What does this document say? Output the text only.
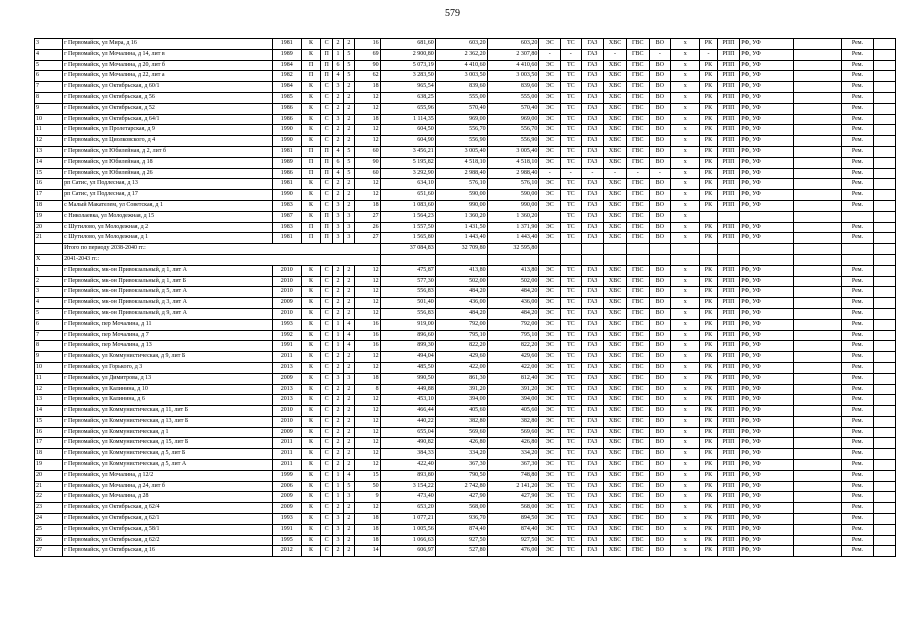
579
3	г Первомайск, ул Мира, д 16	1981	К	С	2	2	16	681,60	603,20	603,20	ЭС	ТС	ГАЗ	ХВС	ГВС	ВО	х	РК	РПП	РФ, УФ		Рем.	
4	г Первомайск, ул Мочалина, д 14, лит в	1989	К	П	1	5	69	2 900,80	2 362,20	2 307,80	-	-	ГАЗ	-	ГВС	-	х	-	РПП	РФ, УФ		Рем.	
5	г Первомайск, ул Мочалина, д 20, лит б	1984	П	П	6	5	90	5 073,19	4 410,60	4 410,60	ЭС	ТС	ГАЗ	ХВС	ГВС	ВО	х	РК	РПП	РФ, УФ		Рем.	
6	г Первомайск, ул Мочалина, д 22, лит а	1982	П	П	4	5	62	3 283,50	3 003,50	3 003,50	ЭС	ТС	ГАЗ	ХВС	ГВС	ВО	х	РК	РПП	РФ, УФ		Рем.	
7	г Первомайск, ул Октябрьская, д 60/1	1984	К	С	3	2	18	965,54	839,60	839,60	ЭС	ТС	ГАЗ	ХВС	ГВС	ВО	х	РК	РПП	РФ, УФ		Рем.	
8	г Первомайск, ул Октябрьская, д 56	1985	К	С	2	2	12	638,25	555,00	555,00	ЭС	ТС	ГАЗ	ХВС	ГВС	ВО	х	РК	РПП	РФ, УФ		Рем.	
9	г Первомайск, ул Октябрьская, д 52	1986	К	С	2	2	12	655,96	570,40	570,40	ЭС	ТС	ГАЗ	ХВС	ГВС	ВО	х	РК	РПП	РФ, УФ		Рем.	
10	г Первомайск, ул Октябрьская, д 64/1	1986	К	С	3	2	18	1 114,35	969,00	969,00	ЭС	ТС	ГАЗ	ХВС	ГВС	ВО	х	РК	РПП	РФ, УФ		Рем.	
11	г Первомайск, ул Пролетарская, д 9	1990	К	С	2	2	12	604,50	556,70	556,70	ЭС	ТС	ГАЗ	ХВС	ГВС	ВО	х	РК	РПП	РФ, УФ		Рем.	
12	г Первомайск, ул Циолковского, д 4	1990	К	С	2	2	12	604,90	556,90	556,90	ЭС	ТС	ГАЗ	ХВС	ГВС	ВО	х	РК	РПП	РФ, УФ		Рем.	
13	г Первомайск, ул Юбилейная, д 2, лит б	1981	П	П	4	5	60	3 456,21	3 005,40	3 005,40	ЭС	ТС	ГАЗ	ХВС	ГВС	ВО	х	РК	РПП	РФ, УФ		Рем.	
14	г Первомайск, ул Юбилейная, д 18	1989	П	П	6	5	90	5 195,82	4 518,10	4 518,10	ЭС	ТС	ГАЗ	ХВС	ГВС	ВО	х	РК	РПП	РФ, УФ		Рем.	
15	г Первомайск, ул Юбилейная, д 26	1986	П	П	4	5	60	3 292,90	2 988,40	2 988,40	-	-	-	-	-	-	х	РК	РПП	РФ, УФ		Рем.	
16	рп Сатис, ул Подлесная, д 13	1981	К	С	2	2	12	634,10	576,10	576,10	ЭС	ТС	ГАЗ	ХВС	ГВС	ВО	х	РК	РПП	РФ, УФ		Рем.	
17	рп Сатис, ул Подлесная, д 17	1990	К	С	2	2	12	651,60	590,00	590,00	ЭС	ТС	ГАЗ	ХВС	ГВС	ВО	х	РК	РПП	РФ, УФ		Рем.	
18	с Малый Макателем, ул Советская, д 1	1983	К	С	3	2	18	1 083,60	990,00	990,00	ЭС	ТС	ГАЗ	ХВС	ГВС	ВО	х	РК	РПП	РФ, УФ		Рем.	
19	с Николаевка, ул Молодежная, д 15	1987	К	П	3	3	27	1 564,23	1 360,20	1 360,20		ТС	ГАЗ	ХВС	ГВС	ВО	х						
20	с Шутилово, ул Молодежная, д 2	1983	П	П	3	3	26	1 557,50	1 431,50	1 371,90	ЭС	ТС	ГАЗ	ХВС	ГВС	ВО	х	РК	РПП	РФ, УФ		Рем.	
21	с Шутилово, ул Молодежная, д 1	1981	П	П	3	3	27	1 565,80	1 443,40	1 443,40	ЭС	ТС	ГАЗ	ХВС	ГВС	ВО	х	РК	РПП	РФ, УФ		Рем.	
	Итого по периоду 2038-2040 гг.:							37 084,83	32 709,80	32 595,80													
X	2041-2043 гг.:																						
1	г Первомайск, мк-он Привокзальный, д 1, лит А	2010	К	С	2	2	12	475,87	413,80	413,80	ЭС	ТС	ГАЗ	ХВС	ГВС	ВО	х	РК	РПП	РФ, УФ		Рем.	
2	г Первомайск, мк-он Привокзальный, д 1, лит Б	2010	К	С	2	2	12	577,30	502,00	502,00	ЭС	ТС	ГАЗ	ХВС	ГВС	ВО	х	РК	РПП	РФ, УФ		Рем.	
3	г Первомайск, мк-он Привокзальный, д 5, лит А	2010	К	С	2	2	12	556,83	484,20	484,20	ЭС	ТС	ГАЗ	ХВС	ГВС	ВО	х	РК	РПП	РФ, УФ		Рем.	
4	г Первомайск, мк-он Привокзальный, д 3, лит А	2009	К	С	2	2	12	501,40	436,00	436,00	ЭС	ТС	ГАЗ	ХВС	ГВС	ВО	х	РК	РПП	РФ, УФ		Рем.	
5	г Первомайск, мк-он Привокзальный, д 9, лит А	2010	К	С	2	2	12	556,83	484,20	484,20	ЭС	ТС	ГАЗ	ХВС	ГВС	ВО	х	РК	РПП	РФ, УФ		Рем.	
6	г Первомайск, пер Мочалина, д 11	1993	К	С	1	4	16	919,00	792,00	792,00	ЭС	ТС	ГАЗ	ХВС	ГВС	ВО	х	РК	РПП	РФ, УФ		Рем.	
7	г Первомайск, пер Мочалина, д 7	1992	К	С	1	4	16	896,60	795,10	795,10	ЭС	ТС	ГАЗ	ХВС	ГВС	ВО	х	РК	РПП	РФ, УФ		Рем.	
8	г Первомайск, пер Мочалина, д 13	1991	К	С	1	4	16	899,30	822,20	822,20	ЭС	ТС	ГАЗ	ХВС	ГВС	ВО	х	РК	РПП	РФ, УФ		Рем.	
9	г Первомайск, ул Коммунистическая, д 9, лит Б	2011	К	С	2	2	12	494,04	429,60	429,60	ЭС	ТС	ГАЗ	ХВС	ГВС	ВО	х	РК	РПП	РФ, УФ		Рем.	
10	г Первомайск, ул Горького, д 3	2013	К	С	2	2	12	485,50	422,00	422,00	ЭС	ТС	ГАЗ	ХВС	ГВС	ВО	х	РК	РПП	РФ, УФ		Рем.	
11	г Первомайск, ул Димитрова, д 13	2009	К	С	3	3	18	990,50	861,30	812,40	ЭС	ТС	ГАЗ	ХВС	ГВС	ВО	х	РК	РПП	РФ, УФ		Рем.	
12	г Первомайск, ул Калинина, д 10	2013	К	С	2	2	8	449,88	391,20	391,20	ЭС	ТС	ГАЗ	ХВС	ГВС	ВО	х	РК	РПП	РФ, УФ		Рем.	
13	г Первомайск, ул Калинина, д 6	2013	К	С	2	2	12	453,10	394,00	394,00	ЭС	ТС	ГАЗ	ХВС	ГВС	ВО	х	РК	РПП	РФ, УФ		Рем.	
14	г Первомайск, ул Коммунистическая, д 11, лит Б	2010	К	С	2	2	12	466,44	405,60	405,60	ЭС	ТС	ГАЗ	ХВС	ГВС	ВО	х	РК	РПП	РФ, УФ		Рем.	
15	г Первомайск, ул Коммунистическая, д 13, лит Б	2010	К	С	2	2	12	440,22	382,80	382,80	ЭС	ТС	ГАЗ	ХВС	ГВС	ВО	х	РК	РПП	РФ, УФ		Рем.	
16	г Первомайск, ул Коммунистическая, д 1	2009	К	С	2	2	12	655,04	569,60	569,60	ЭС	ТС	ГАЗ	ХВС	ГВС	ВО	х	РК	РПП	РФ, УФ		Рем.	
17	г Первомайск, ул Коммунистическая, д 15, лит Б	2011	К	С	2	2	12	490,82	426,80	426,80	ЭС	ТС	ГАЗ	ХВС	ГВС	ВО	х	РК	РПП	РФ, УФ		Рем.	
18	г Первомайск, ул Коммунистическая, д 5, лит Б	2011	К	С	2	2	12	384,33	334,20	334,20	ЭС	ТС	ГАЗ	ХВС	ГВС	ВО	х	РК	РПП	РФ, УФ		Рем.	
19	г Первомайск, ул Коммунистическая, д 5, лит А	2011	К	С	2	2	12	422,40	367,30	367,30	ЭС	ТС	ГАЗ	ХВС	ГВС	ВО	х	РК	РПП	РФ, УФ		Рем.	
20	г Первомайск, ул Мочалина, д 12/2	1999	К	С	1	4	15	893,80	790,50	748,80	ЭС	ТС	ГАЗ	ХВС	ГВС	ВО	х	РК	РПП	РФ, УФ		Рем.	
21	г Первомайск, ул Мочалина, д 24, лит б	2006	К	С	1	5	50	3 154,22	2 742,80	2 141,20	ЭС	ТС	ГАЗ	ХВС	ГВС	ВО	х	РК	РПП	РФ, УФ		Рем.	
22	г Первомайск, ул Мочалина, д 28	2009	К	С	1	3	9	473,40	427,90	427,90	ЭС	ТС	ГАЗ	ХВС	ГВС	ВО	х	РК	РПП	РФ, УФ		Рем.	
23	г Первомайск, ул Октябрьская, д 62/4	2009	К	С	2	2	12	653,20	568,00	568,00	ЭС	ТС	ГАЗ	ХВС	ГВС	ВО	х	РК	РПП	РФ, УФ		Рем.	
24	г Первомайск, ул Октябрьская, д 62/1	1993	К	С	3	2	18	1 077,21	936,70	894,50	ЭС	ТС	ГАЗ	ХВС	ГВС	ВО	х	РК	РПП	РФ, УФ		Рем.	
25	г Первомайск, ул Октябрьская, д 58/1	1991	К	С	3	2	18	1 005,56	874,40	874,40	ЭС	ТС	ГАЗ	ХВС	ГВС	ВО	х	РК	РПП	РФ, УФ		Рем.	
26	г Первомайск, ул Октябрьская, д 62/2	1995	К	С	3	2	18	1 066,63	927,50	927,50	ЭС	ТС	ГАЗ	ХВС	ГВС	ВО	х	РК	РПП	РФ, УФ		Рем.	
27	г Первомайск, ул Октябрьская, д 16	2012	К	С	2	2	14	606,97	527,80	476,00	ЭС	ТС	ГАЗ	ХВС	ГВС	ВО	х	РК	РПП	РФ, УФ		Рем.	
